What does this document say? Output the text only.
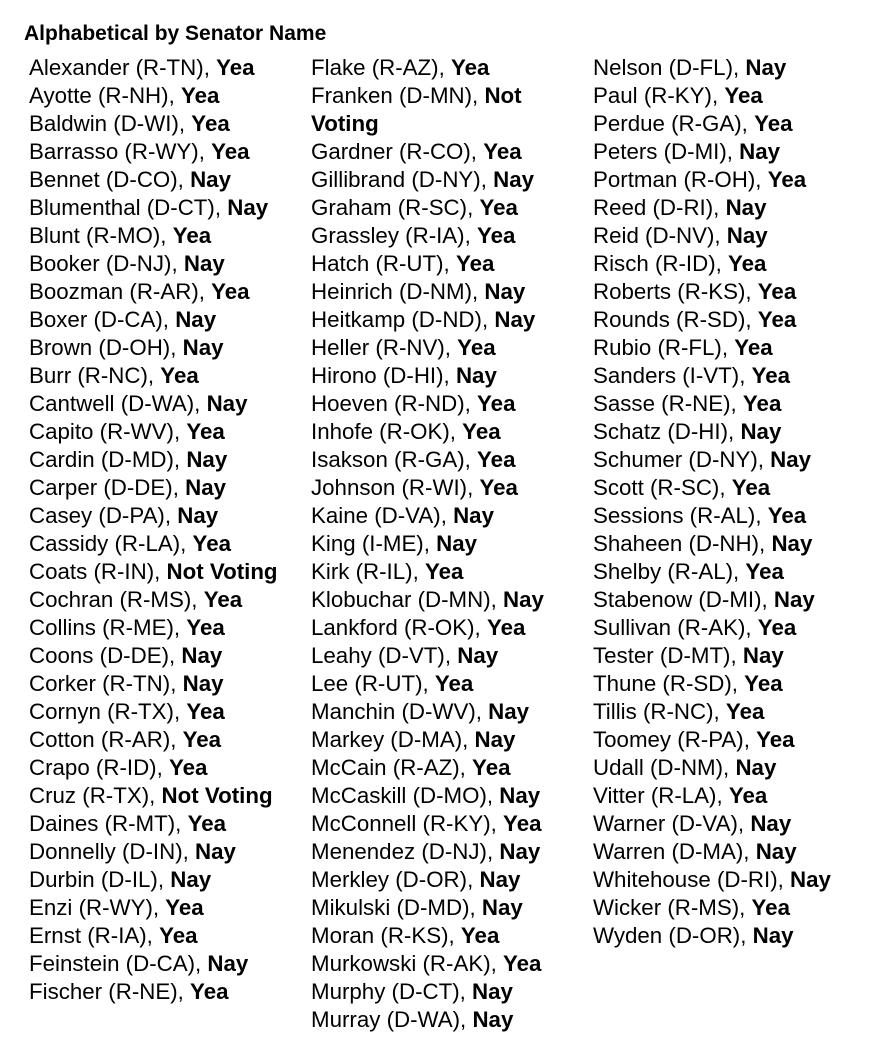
Alphabetical by Senator Name
Alexander (R-TN), Yea
Ayotte (R-NH), Yea
Baldwin (D-WI), Yea
Barrasso (R-WY), Yea
Bennet (D-CO), Nay
Blumenthal (D-CT), Nay
Blunt (R-MO), Yea
Booker (D-NJ), Nay
Boozman (R-AR), Yea
Boxer (D-CA), Nay
Brown (D-OH), Nay
Burr (R-NC), Yea
Cantwell (D-WA), Nay
Capito (R-WV), Yea
Cardin (D-MD), Nay
Carper (D-DE), Nay
Casey (D-PA), Nay
Cassidy (R-LA), Yea
Coats (R-IN), Not Voting
Cochran (R-MS), Yea
Collins (R-ME), Yea
Coons (D-DE), Nay
Corker (R-TN), Nay
Cornyn (R-TX), Yea
Cotton (R-AR), Yea
Crapo (R-ID), Yea
Cruz (R-TX), Not Voting
Daines (R-MT), Yea
Donnelly (D-IN), Nay
Durbin (D-IL), Nay
Enzi (R-WY), Yea
Ernst (R-IA), Yea
Feinstein (D-CA), Nay
Fischer (R-NE), Yea
Flake (R-AZ), Yea
Franken (D-MN), Not Voting
Gardner (R-CO), Yea
Gillibrand (D-NY), Nay
Graham (R-SC), Yea
Grassley (R-IA), Yea
Hatch (R-UT), Yea
Heinrich (D-NM), Nay
Heitkamp (D-ND), Nay
Heller (R-NV), Yea
Hirono (D-HI), Nay
Hoeven (R-ND), Yea
Inhofe (R-OK), Yea
Isakson (R-GA), Yea
Johnson (R-WI), Yea
Kaine (D-VA), Nay
King (I-ME), Nay
Kirk (R-IL), Yea
Klobuchar (D-MN), Nay
Lankford (R-OK), Yea
Leahy (D-VT), Nay
Lee (R-UT), Yea
Manchin (D-WV), Nay
Markey (D-MA), Nay
McCain (R-AZ), Yea
McCaskill (D-MO), Nay
McConnell (R-KY), Yea
Menendez (D-NJ), Nay
Merkley (D-OR), Nay
Mikulski (D-MD), Nay
Moran (R-KS), Yea
Murkowski (R-AK), Yea
Murphy (D-CT), Nay
Murray (D-WA), Nay
Nelson (D-FL), Nay
Paul (R-KY), Yea
Perdue (R-GA), Yea
Peters (D-MI), Nay
Portman (R-OH), Yea
Reed (D-RI), Nay
Reid (D-NV), Nay
Risch (R-ID), Yea
Roberts (R-KS), Yea
Rounds (R-SD), Yea
Rubio (R-FL), Yea
Sanders (I-VT), Yea
Sasse (R-NE), Yea
Schatz (D-HI), Nay
Schumer (D-NY), Nay
Scott (R-SC), Yea
Sessions (R-AL), Yea
Shaheen (D-NH), Nay
Shelby (R-AL), Yea
Stabenow (D-MI), Nay
Sullivan (R-AK), Yea
Tester (D-MT), Nay
Thune (R-SD), Yea
Tillis (R-NC), Yea
Toomey (R-PA), Yea
Udall (D-NM), Nay
Vitter (R-LA), Yea
Warner (D-VA), Nay
Warren (D-MA), Nay
Whitehouse (D-RI), Nay
Wicker (R-MS), Yea
Wyden (D-OR), Nay
